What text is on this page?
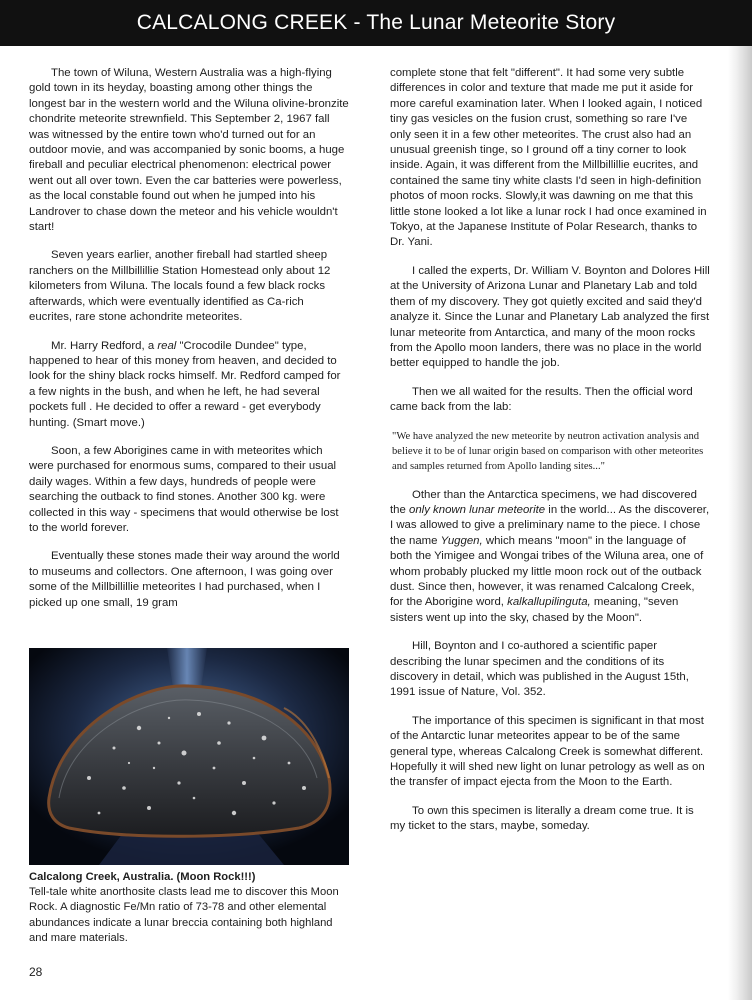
CALCALONG CREEK - The Lunar Meteorite Story

The town of Wiluna, Western Australia was a high-flying gold town in its heyday, boasting among other things the longest bar in the western world and the Wiluna olivine-bronzite chondrite meteorite strewnfield. This September 2, 1967 fall was witnessed by the entire town who'd turned out for an outdoor movie, and was accompanied by sonic booms, a huge fireball and peculiar electrical phenomenon: electrical power went out all over town. Even the car batteries were powerless, as the local constable found out when he jumped into his Landrover to chase down the meteor and his vehicle wouldn't start!

Seven years earlier, another fireball had startled sheep ranchers on the Millbillillie Station Homestead only about 12 kilometers from Wiluna. The locals found a few black rocks afterwards, which were eventually identified as Ca-rich eucrites, rare stone achondrite meteorites.

Mr. Harry Redford, a real "Crocodile Dundee" type, happened to hear of this money from heaven, and decided to look for the shiny black rocks himself. Mr. Redford camped for a few nights in the bush, and when he left, he had several pockets full . He decided to offer a reward - get everybody hunting. (Smart move.)

Soon, a few Aborigines came in with meteorites which were purchased for enormous sums, compared to their usual daily wages. Within a few days, hundreds of people were searching the outback to find stones. Another 300 kg. were collected in this way - specimens that would otherwise be lost to the world forever.

Eventually these stones made their way around the world to museums and collectors. One afternoon, I was going over some of the Millbillillie meteorites I had purchased, when I picked up one small, 19 gram

Calcalong Creek, Australia. (Moon Rock!!!)
Tell-tale white anorthosite clasts lead me to discover this Moon Rock. A diagnostic Fe/Mn ratio of 73-78 and other elemental abundances indicate a lunar breccia containing both highland and mare materials.

complete stone that felt "different". It had some very subtle differences in color and texture that made me put it aside for more careful examination later. When I looked again, I noticed tiny gas vesicles on the fusion crust, something so rare I've only seen it in a few other meteorites. The crust also had an unusual greenish tinge, so I ground off a tiny corner to look inside. Again, it was different from the Millbillillie eucrites, and contained the same tiny white clasts I'd seen in high-definition photos of moon rocks. Slowly,it was dawning on me that this little stone looked a lot like a lunar rock I had once examined in Tokyo, at the Japanese Institute of Polar Research, thanks to Dr. Yani.

I called the experts, Dr. William V. Boynton and Dolores Hill at the University of Arizona Lunar and Planetary Lab and told them of my discovery. They got quietly excited and said they'd analyze it. Since the Lunar and Planetary Lab analyzed the first lunar meteorite from Antarctica, and many of the moon rocks from the Apollo moon landers, there was no place in the world better equipped to handle the job.

Then we all waited for the results. Then the official word came back from the lab:

"We have analyzed the new meteorite by neutron activation analysis and believe it to be of lunar origin based on comparison with other meteorites and samples returned from Apollo landing sites..."

Other than the Antarctica specimens, we had discovered the only known lunar meteorite in the world... As the discoverer, I was allowed to give a preliminary name to the piece. I chose the name Yuggen, which means "moon" in the language of both the Yimigee and Wongai tribes of the Wiluna area, one of whom probably plucked my little moon rock out of the outback dust. Since then, however, it was renamed Calcalong Creek, for the Aborigine word, kalkallupilinguta, meaning, "seven sisters went up into the sky, chased by the Moon".

Hill, Boynton and I co-authored a scientific paper describing the lunar specimen and the conditions of its discovery in detail, which was published in the August 15th, 1991 issue of Nature, Vol. 352.

The importance of this specimen is significant in that most of the Antarctic lunar meteorites appear to be of the same general type, whereas Calcalong Creek is somewhat different. Hopefully it will shed new light on lunar petrology as well as on the transfer of impact ejecta from the Moon to the Earth.

To own this specimen is literally a dream come true. It is my ticket to the stars, maybe, someday.

28
